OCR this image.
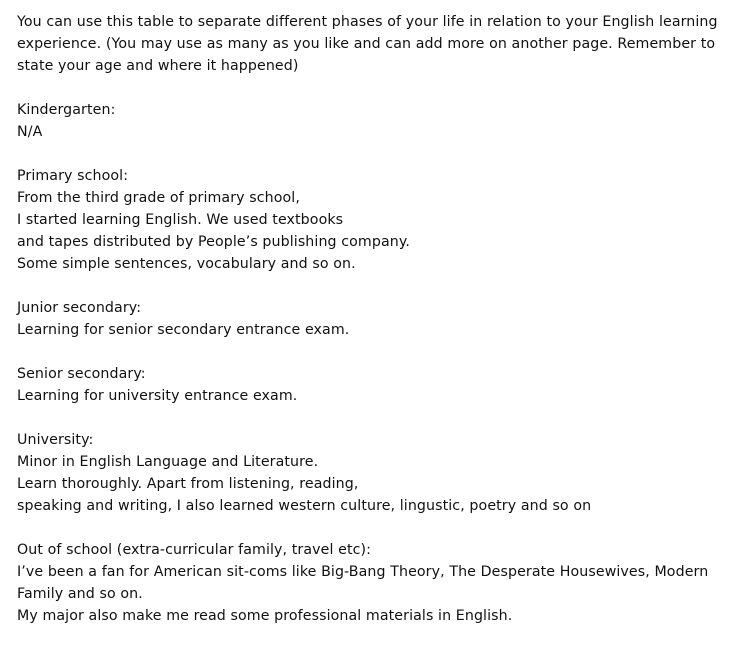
You can use this table to separate different phases of your life in relation to your English learning
experience. (You may use as many as you like and can add more on another page. Remember to
state your age and where it happened)
Kindergarten:
N/A
Primary school:
From the third grade of primary school,
I started learning English. We used textbooks
and tapes distributed by People’s publishing company.
Some simple sentences, vocabulary and so on.
Junior secondary:
Learning for senior secondary entrance exam.
Senior secondary:
Learning for university entrance exam.
University:
Minor in English Language and Literature.
Learn thoroughly. Apart from listening, reading,
speaking and writing, I also learned western culture, lingustic, poetry and so on
Out of school (extra-curricular family, travel etc):
I’ve been a fan for American sit-coms like Big-Bang Theory, The Desperate Housewives, Modern
Family and so on.
My major also make me read some professional materials in English.
